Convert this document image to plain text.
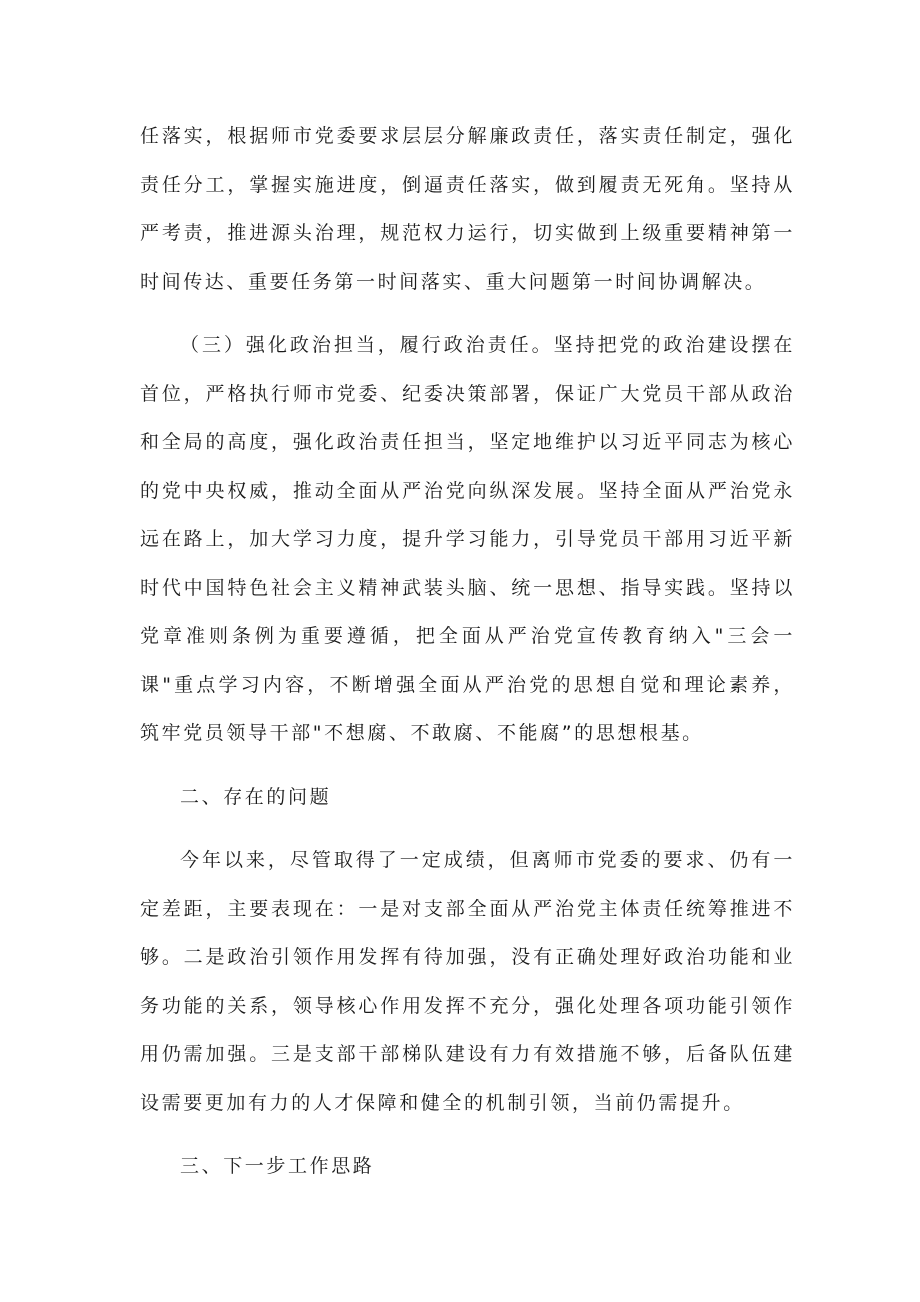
任落实，根据师市党委要求层层分解廉政责任，落实责任制定，强化责任分工，掌握实施进度，倒逼责任落实，做到履责无死角。坚持从严考责，推进源头治理，规范权力运行，切实做到上级重要精神第一时间传达、重要任务第一时间落实、重大问题第一时间协调解决。

（三）强化政治担当，履行政治责任。坚持把党的政治建设摆在首位，严格执行师市党委、纪委决策部署，保证广大党员干部从政治和全局的高度，强化政治责任担当，坚定地维护以习近平同志为核心的党中央权威，推动全面从严治党向纵深发展。坚持全面从严治党永远在路上，加大学习力度，提升学习能力，引导党员干部用习近平新时代中国特色社会主义精神武装头脑、统一思想、指导实践。坚持以党章准则条例为重要遵循，把全面从严治党宣传教育纳入"三会一课"重点学习内容，不断增强全面从严治党的思想自觉和理论素养，筑牢党员领导干部"不想腐、不敢腐、不能腐”的思想根基。

二、存在的问题

今年以来，尽管取得了一定成绩，但离师市党委的要求、仍有一定差距，主要表现在：一是对支部全面从严治党主体责任统筹推进不够。二是政治引领作用发挥有待加强，没有正确处理好政治功能和业务功能的关系，领导核心作用发挥不充分，强化处理各项功能引领作用仍需加强。三是支部干部梯队建设有力有效措施不够，后备队伍建设需要更加有力的人才保障和健全的机制引领，当前仍需提升。

三、下一步工作思路
